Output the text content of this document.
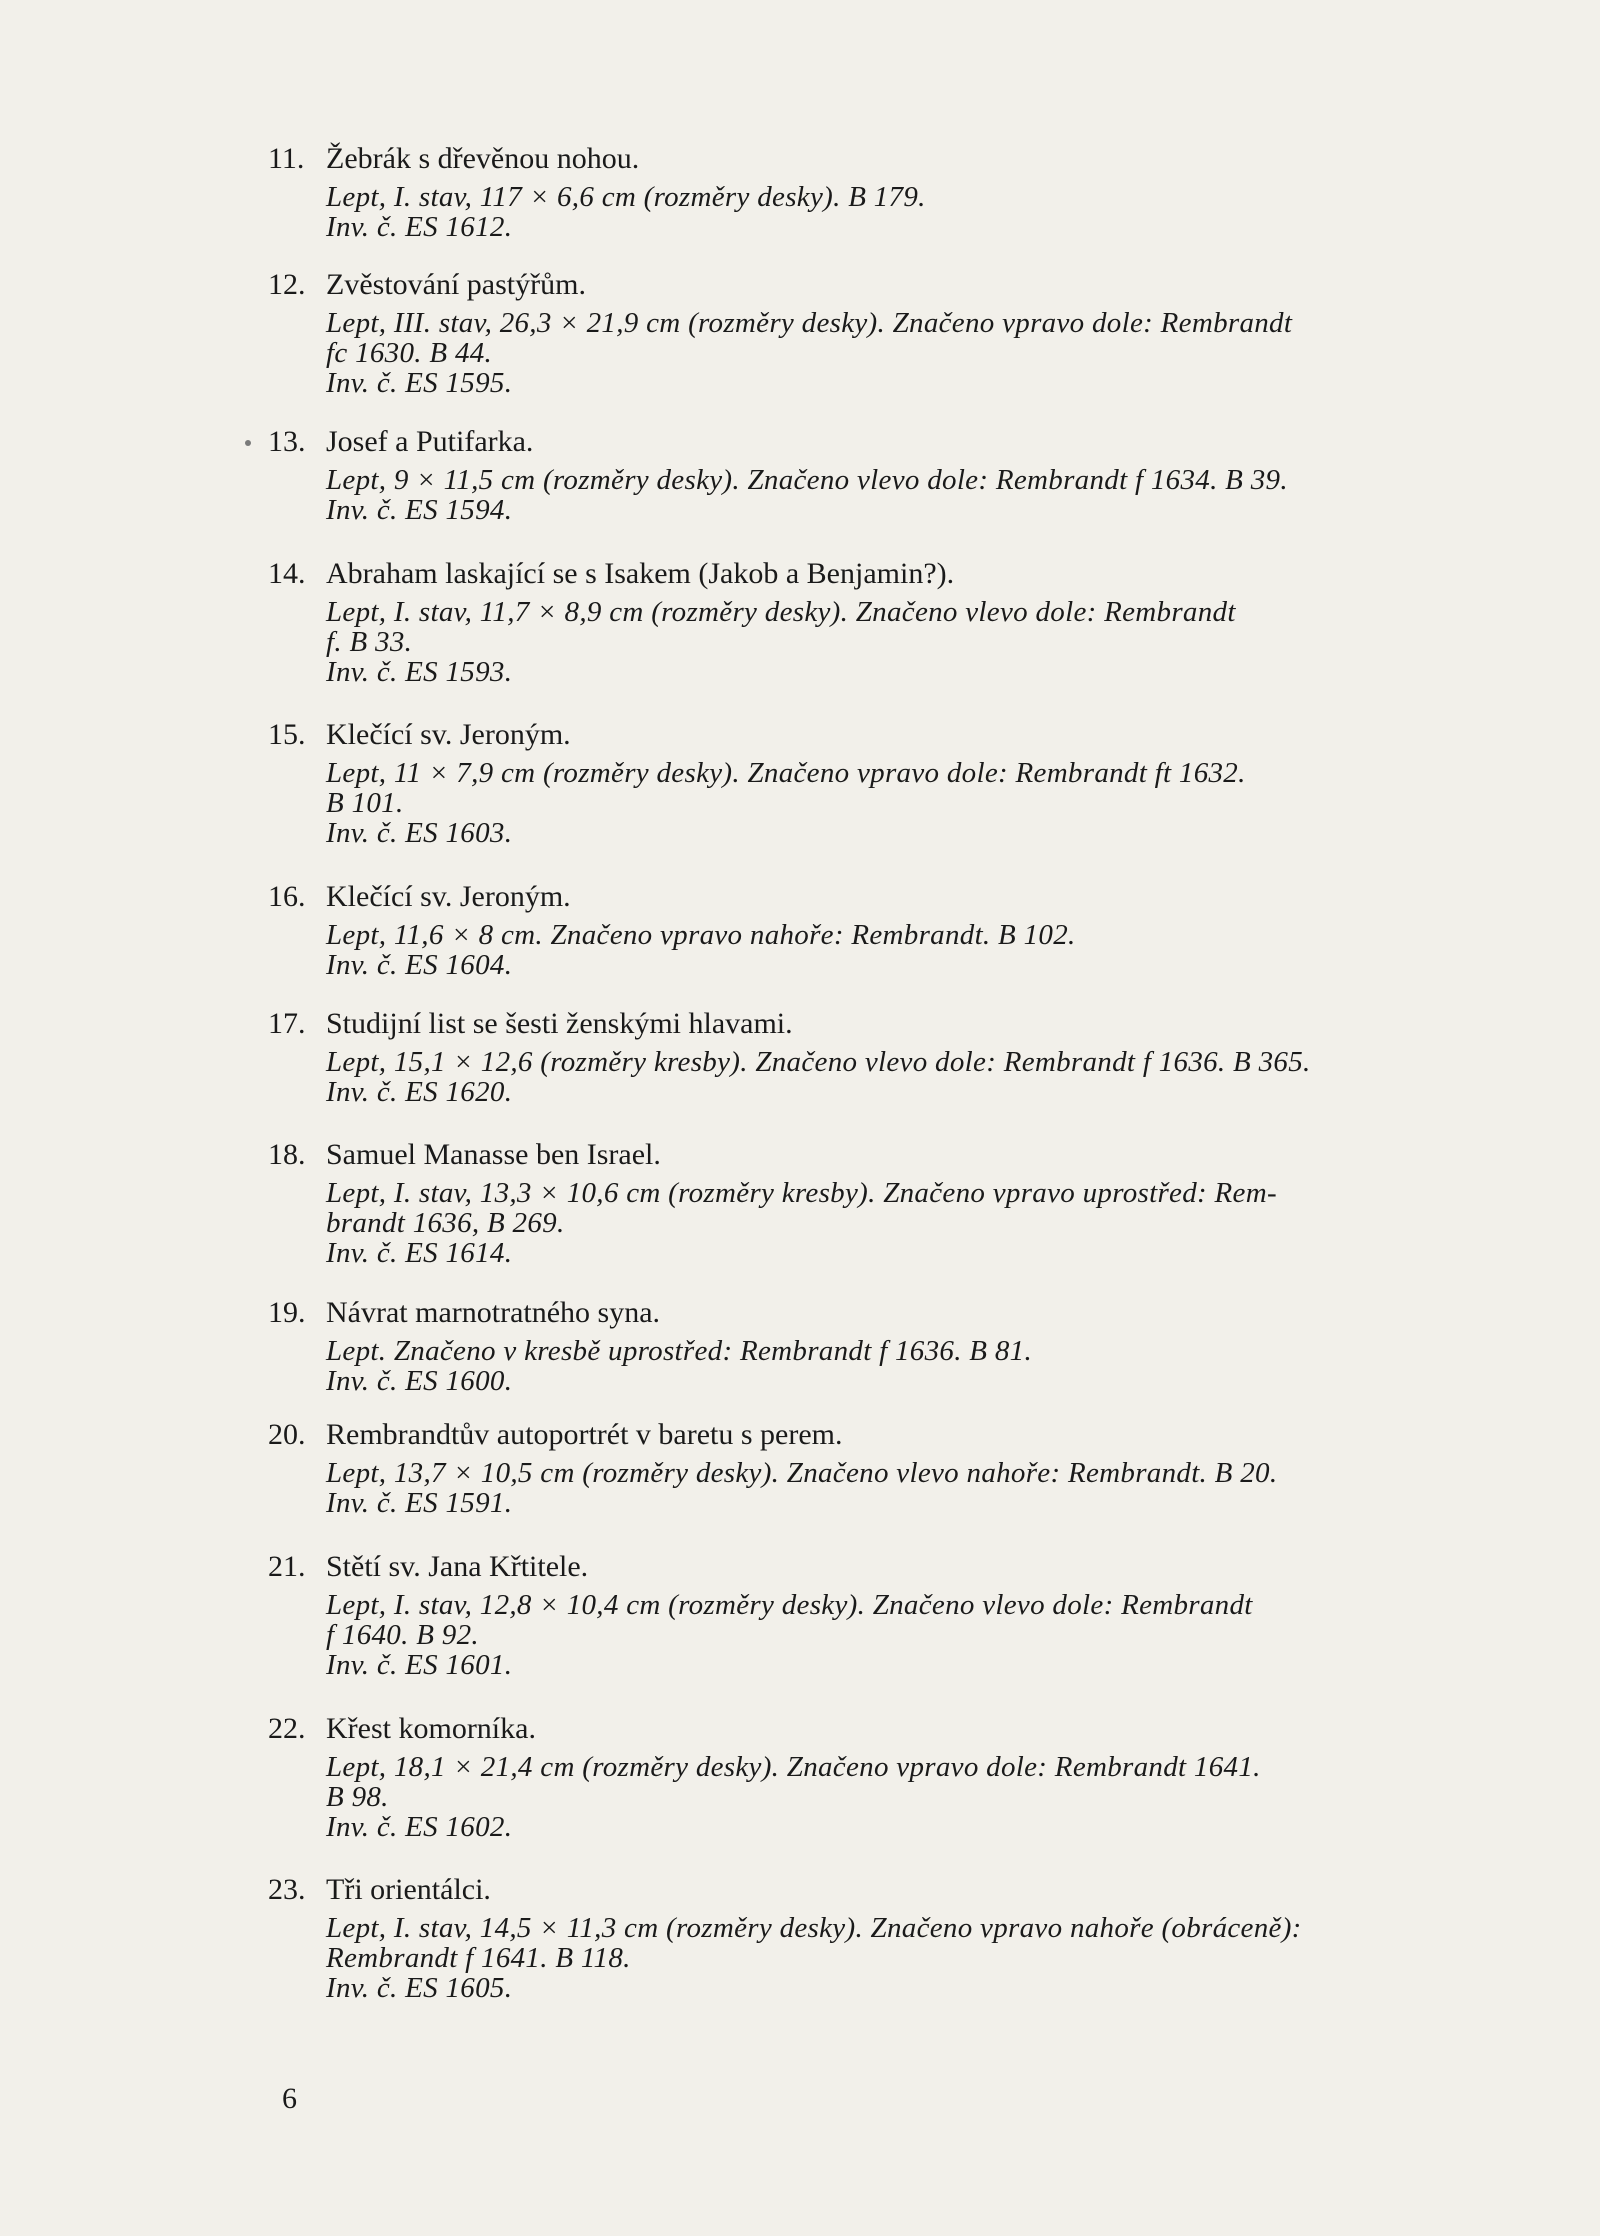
11. Žebrák s dřevěnou nohou.
Lept, I. stav, 117 × 6,6 cm (rozměry desky). B 179.
Inv. č. ES 1612.
12. Zvěstování pastýřům.
Lept, III. stav, 26,3 × 21,9 cm (rozměry desky). Značeno vpravo dole: Rembrandt
fc 1630. B 44.
Inv. č. ES 1595.
13. Josef a Putifarka.
Lept, 9 × 11,5 cm (rozměry desky). Značeno vlevo dole: Rembrandt f 1634. B 39.
Inv. č. ES 1594.
14. Abraham laskající se s Isakem (Jakob a Benjamin?).
Lept, I. stav, 11,7 × 8,9 cm (rozměry desky). Značeno vlevo dole: Rembrandt
f. B 33.
Inv. č. ES 1593.
15. Klečící sv. Jeroným.
Lept, 11 × 7,9 cm (rozměry desky). Značeno vpravo dole: Rembrandt ft 1632.
B 101.
Inv. č. ES 1603.
16. Klečící sv. Jeroným.
Lept, 11,6 × 8 cm. Značeno vpravo nahoře: Rembrandt. B 102.
Inv. č. ES 1604.
17. Studijní list se šesti ženskými hlavami.
Lept, 15,1 × 12,6 (rozměry kresby). Značeno vlevo dole: Rembrandt f 1636. B 365.
Inv. č. ES 1620.
18. Samuel Manasse ben Israel.
Lept, I. stav, 13,3 × 10,6 cm (rozměry kresby). Značeno vpravo uprostřed: Rem-
brandt 1636, B 269.
Inv. č. ES 1614.
19. Návrat marnotratného syna.
Lept. Značeno v kresbě uprostřed: Rembrandt f 1636. B 81.
Inv. č. ES 1600.
20. Rembrandtův autoportrét v baretu s perem.
Lept, 13,7 × 10,5 cm (rozměry desky). Značeno vlevo nahoře: Rembrandt. B 20.
Inv. č. ES 1591.
21. Stětí sv. Jana Křtitele.
Lept, I. stav, 12,8 × 10,4 cm (rozměry desky). Značeno vlevo dole: Rembrandt
f 1640. B 92.
Inv. č. ES 1601.
22. Křest komorníka.
Lept, 18,1 × 21,4 cm (rozměry desky). Značeno vpravo dole: Rembrandt 1641.
B 98.
Inv. č. ES 1602.
23. Tři orientálci.
Lept, I. stav, 14,5 × 11,3 cm (rozměry desky). Značeno vpravo nahoře (obráceně):
Rembrandt f 1641. B 118.
Inv. č. ES 1605.
6
